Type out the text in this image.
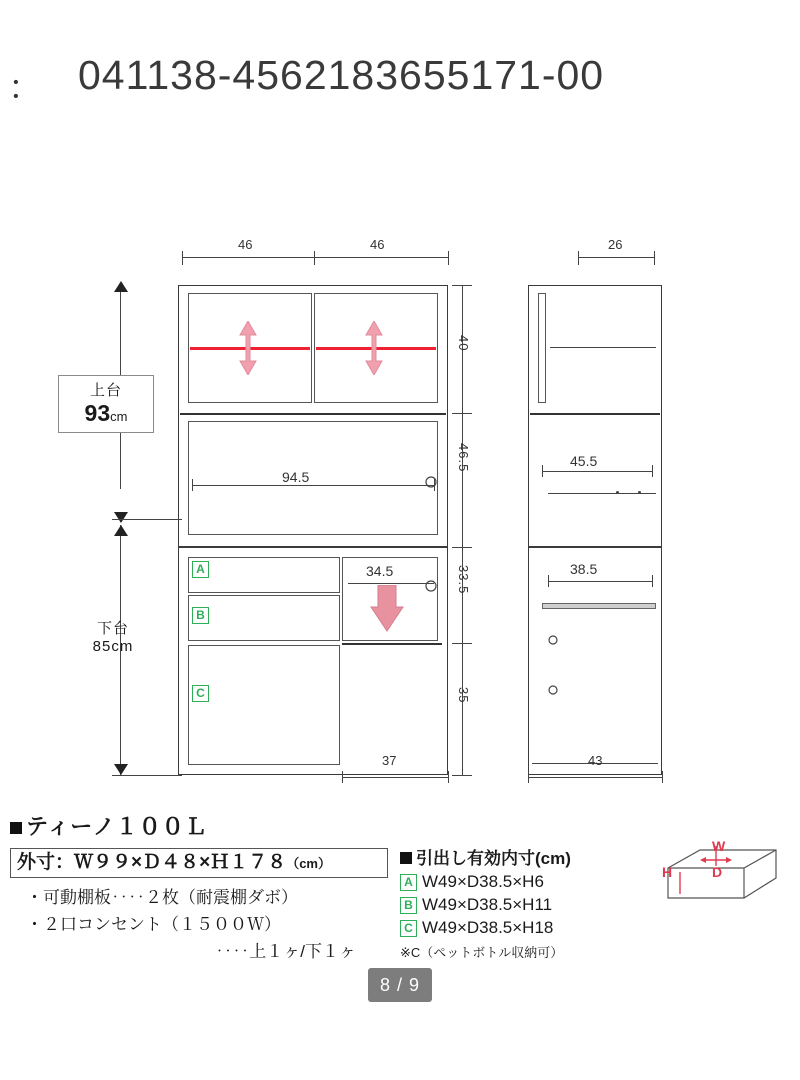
： 041138-4562183655171-00
46	46	26
94.5
A
B
C
34.5
45.5
38.5
40
46.5
33.5
35
上台
93cm
下台
85cm
37	43
ティーノ１００Ｌ
外寸：Ｗ９９×Ｄ４８×Ｈ１７８（cm）
・可動棚板‥‥２枚（耐震棚ダボ）
・２口コンセント（１５００Ｗ）
‥‥上１ヶ/下１ヶ
引出し有効内寸(cm)
A W49×D38.5×H6
B W49×D38.5×H11
C W49×D38.5×H18
※C（ペットボトル収納可）
W
H	D
8 / 9
